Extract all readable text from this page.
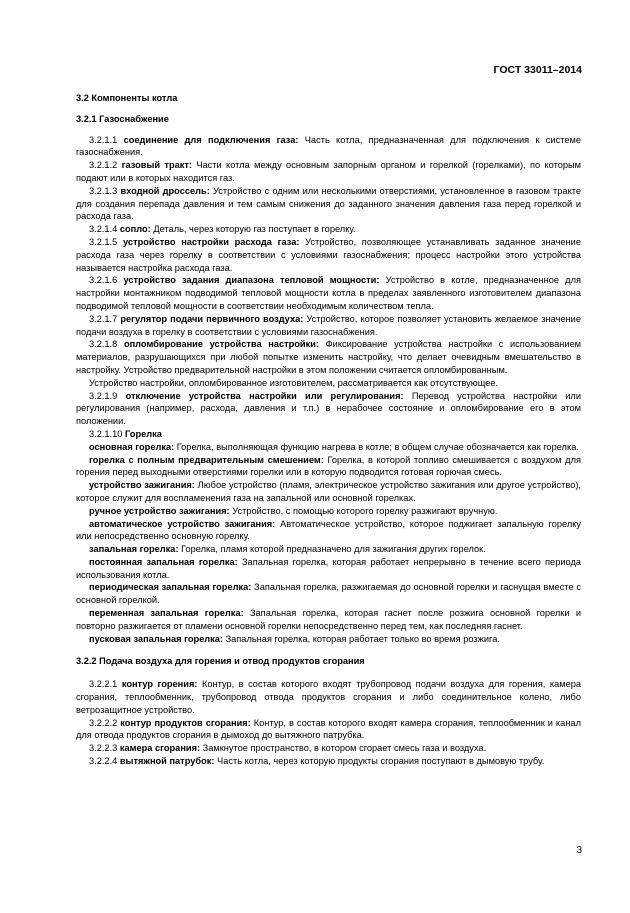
ГОСТ 33011–2014

3.2 Компоненты котла

3.2.1 Газоснабжение

3.2.1.1 соединение для подключения газа: Часть котла, предназначенная для подключения к системе газоснабжения.

3.2.1.2 газовый тракт: Части котла между основным запорным органом и горелкой (горелками), по которым подают или в которых находится газ.

3.2.1.3 входной дроссель: Устройство с одним или несколькими отверстиями, установленное в газовом тракте для создания перепада давления и тем самым снижения до заданного значения давления газа перед горелкой и расхода газа.

3.2.1.4 сопло: Деталь, через которую газ поступает в горелку.

3.2.1.5 устройство настройки расхода газа: Устройство, позволяющее устанавливать заданное значение расхода газа через горелку в соответствии с условиями газоснабжения; процесс настройки этого устройства называется настройка расхода газа.

3.2.1.6 устройство задания диапазона тепловой мощности: Устройство в котле, предназначенное для настройки монтажником подводимой тепловой мощности котла в пределах заявленного изготовителем диапазона подводимой тепловой мощности в соответствии необходимым количеством тепла.

3.2.1.7 регулятор подачи первичного воздуха: Устройство, которое позволяет установить желаемое значение подачи воздуха в горелку в соответствии с условиями газоснабжения.

3.2.1.8 опломбирование устройства настройки: Фиксирование устройства настройки с использованием материалов, разрушающихся при любой попытке изменить настройку, что делает очевидным вмешательство в настройку. Устройство предварительной настройки в этом положении считается опломбированным.

Устройство настройки, опломбированное изготовителем, рассматривается как отсутствующее.

3.2.1.9 отключение устройства настройки или регулирования: Перевод устройства настройки или регулирования (например, расхода, давления и т.п.) в нерабочее состояние и опломбирование его в этом положении.

3.2.1.10 Горелка

основная горелка: Горелка, выполняющая функцию нагрева в котле; в общем случае обозначается как горелка.

горелка с полным предварительным смешением: Горелка, в которой топливо смешивается с воздухом для горения перед выходными отверстиями горелки или в которую подводится готовая горючая смесь.

устройство зажигания: Любое устройство (пламя, электрическое устройство зажигания или другое устройство), которое служит для воспламенения газа на запальной или основной горелках.

ручное устройство зажигания: Устройство, с помощью которого горелку разжигают вручную.

автоматическое устройство зажигания: Автоматическое устройство, которое поджигает запальную горелку или непосредственно основную горелку.

запальная горелка: Горелка, пламя которой предназначено для зажигания других горелок.

постоянная запальная горелка: Запальная горелка, которая работает непрерывно в течение всего периода использования котла.

периодическая запальная горелка: Запальная горелка, разжигаемая до основной горелки и гаснущая вместе с основной горелкой.

переменная запальная горелка: Запальная горелка, которая гаснет после розжига основной горелки и повторно разжигается от пламени основной горелки непосредственно перед тем, как последняя гаснет.

пусковая запальная горелка: Запальная горелка, которая работает только во время розжига.

3.2.2 Подача воздуха для горения и отвод продуктов сгорания

3.2.2.1 контур горения: Контур, в состав которого входят трубопровод подачи воздуха для горения, камера сгорания, теплообменник, трубопровод отвода продуктов сгорания и либо соединительное колено, либо ветрозащитное устройство.

3.2.2.2 контур продуктов сгорания: Контур, в состав которого входят камера сгорания, теплообменник и канал для отвода продуктов сгорания в дымоход до вытяжного патрубка.

3.2.2.3 камера сгорания: Замкнутое пространство, в котором сгорает смесь газа и воздуха.

3.2.2.4 вытяжной патрубок: Часть котла, через которую продукты сгорания поступают в дымовую трубу.

3
